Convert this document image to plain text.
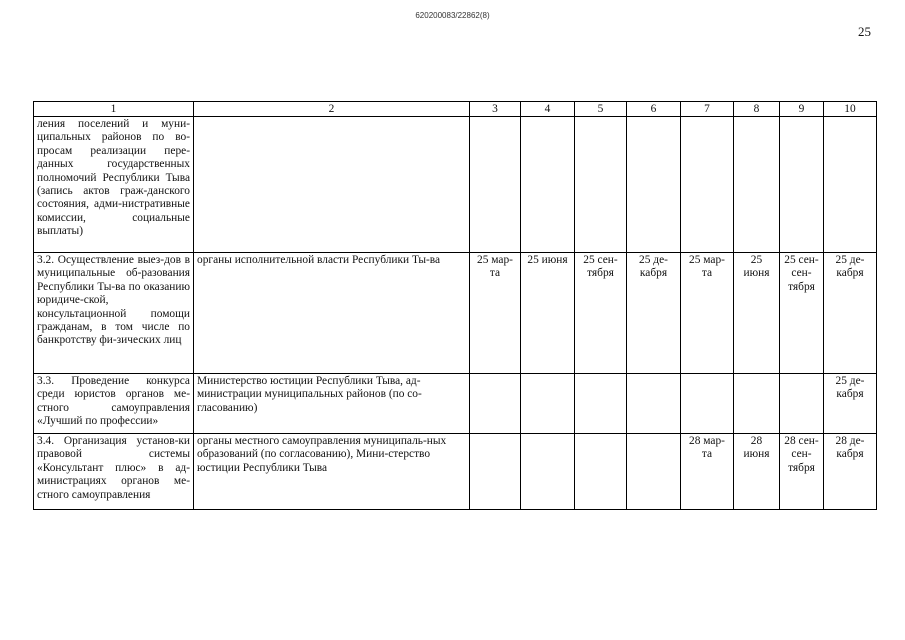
620200083/22862(8)
25
1	2	3	4	5	6	7	8	9	10
ления поселений и муни-ципальных районов по во-просам реализации пере-данных государственных полномочий Республики Тыва (запись актов граж-данского состояния, адми-нистративные комиссии, социальные выплаты)									
3.2. Осуществление выез-дов в муниципальные об-разования Республики Ты-ва по оказанию юридиче-ской, консультационной помощи гражданам, в том числе по банкротству фи-зических лиц	органы исполнительной власти Республики Ты-ва	25 мар-та	25 июня	25 сен-тября	25 де-кабря	25 мар-та	25 июня	25 сен-сен-тября	25 де-кабря
3.3. Проведение конкурса среди юристов органов ме-стного самоуправления «Лучший по профессии»	Министерство юстиции Республики Тыва, ад-министрации муниципальных районов (по со-гласованию)								25 де-кабря
3.4. Организация установ-ки правовой системы «Консультант плюс» в ад-министрациях органов ме-стного самоуправления	органы местного самоуправления муниципаль-ных образований (по согласованию), Мини-стерство юстиции Республики Тыва					28 мар-та	28 июня	28 сен-сен-тября	28 де-кабря
